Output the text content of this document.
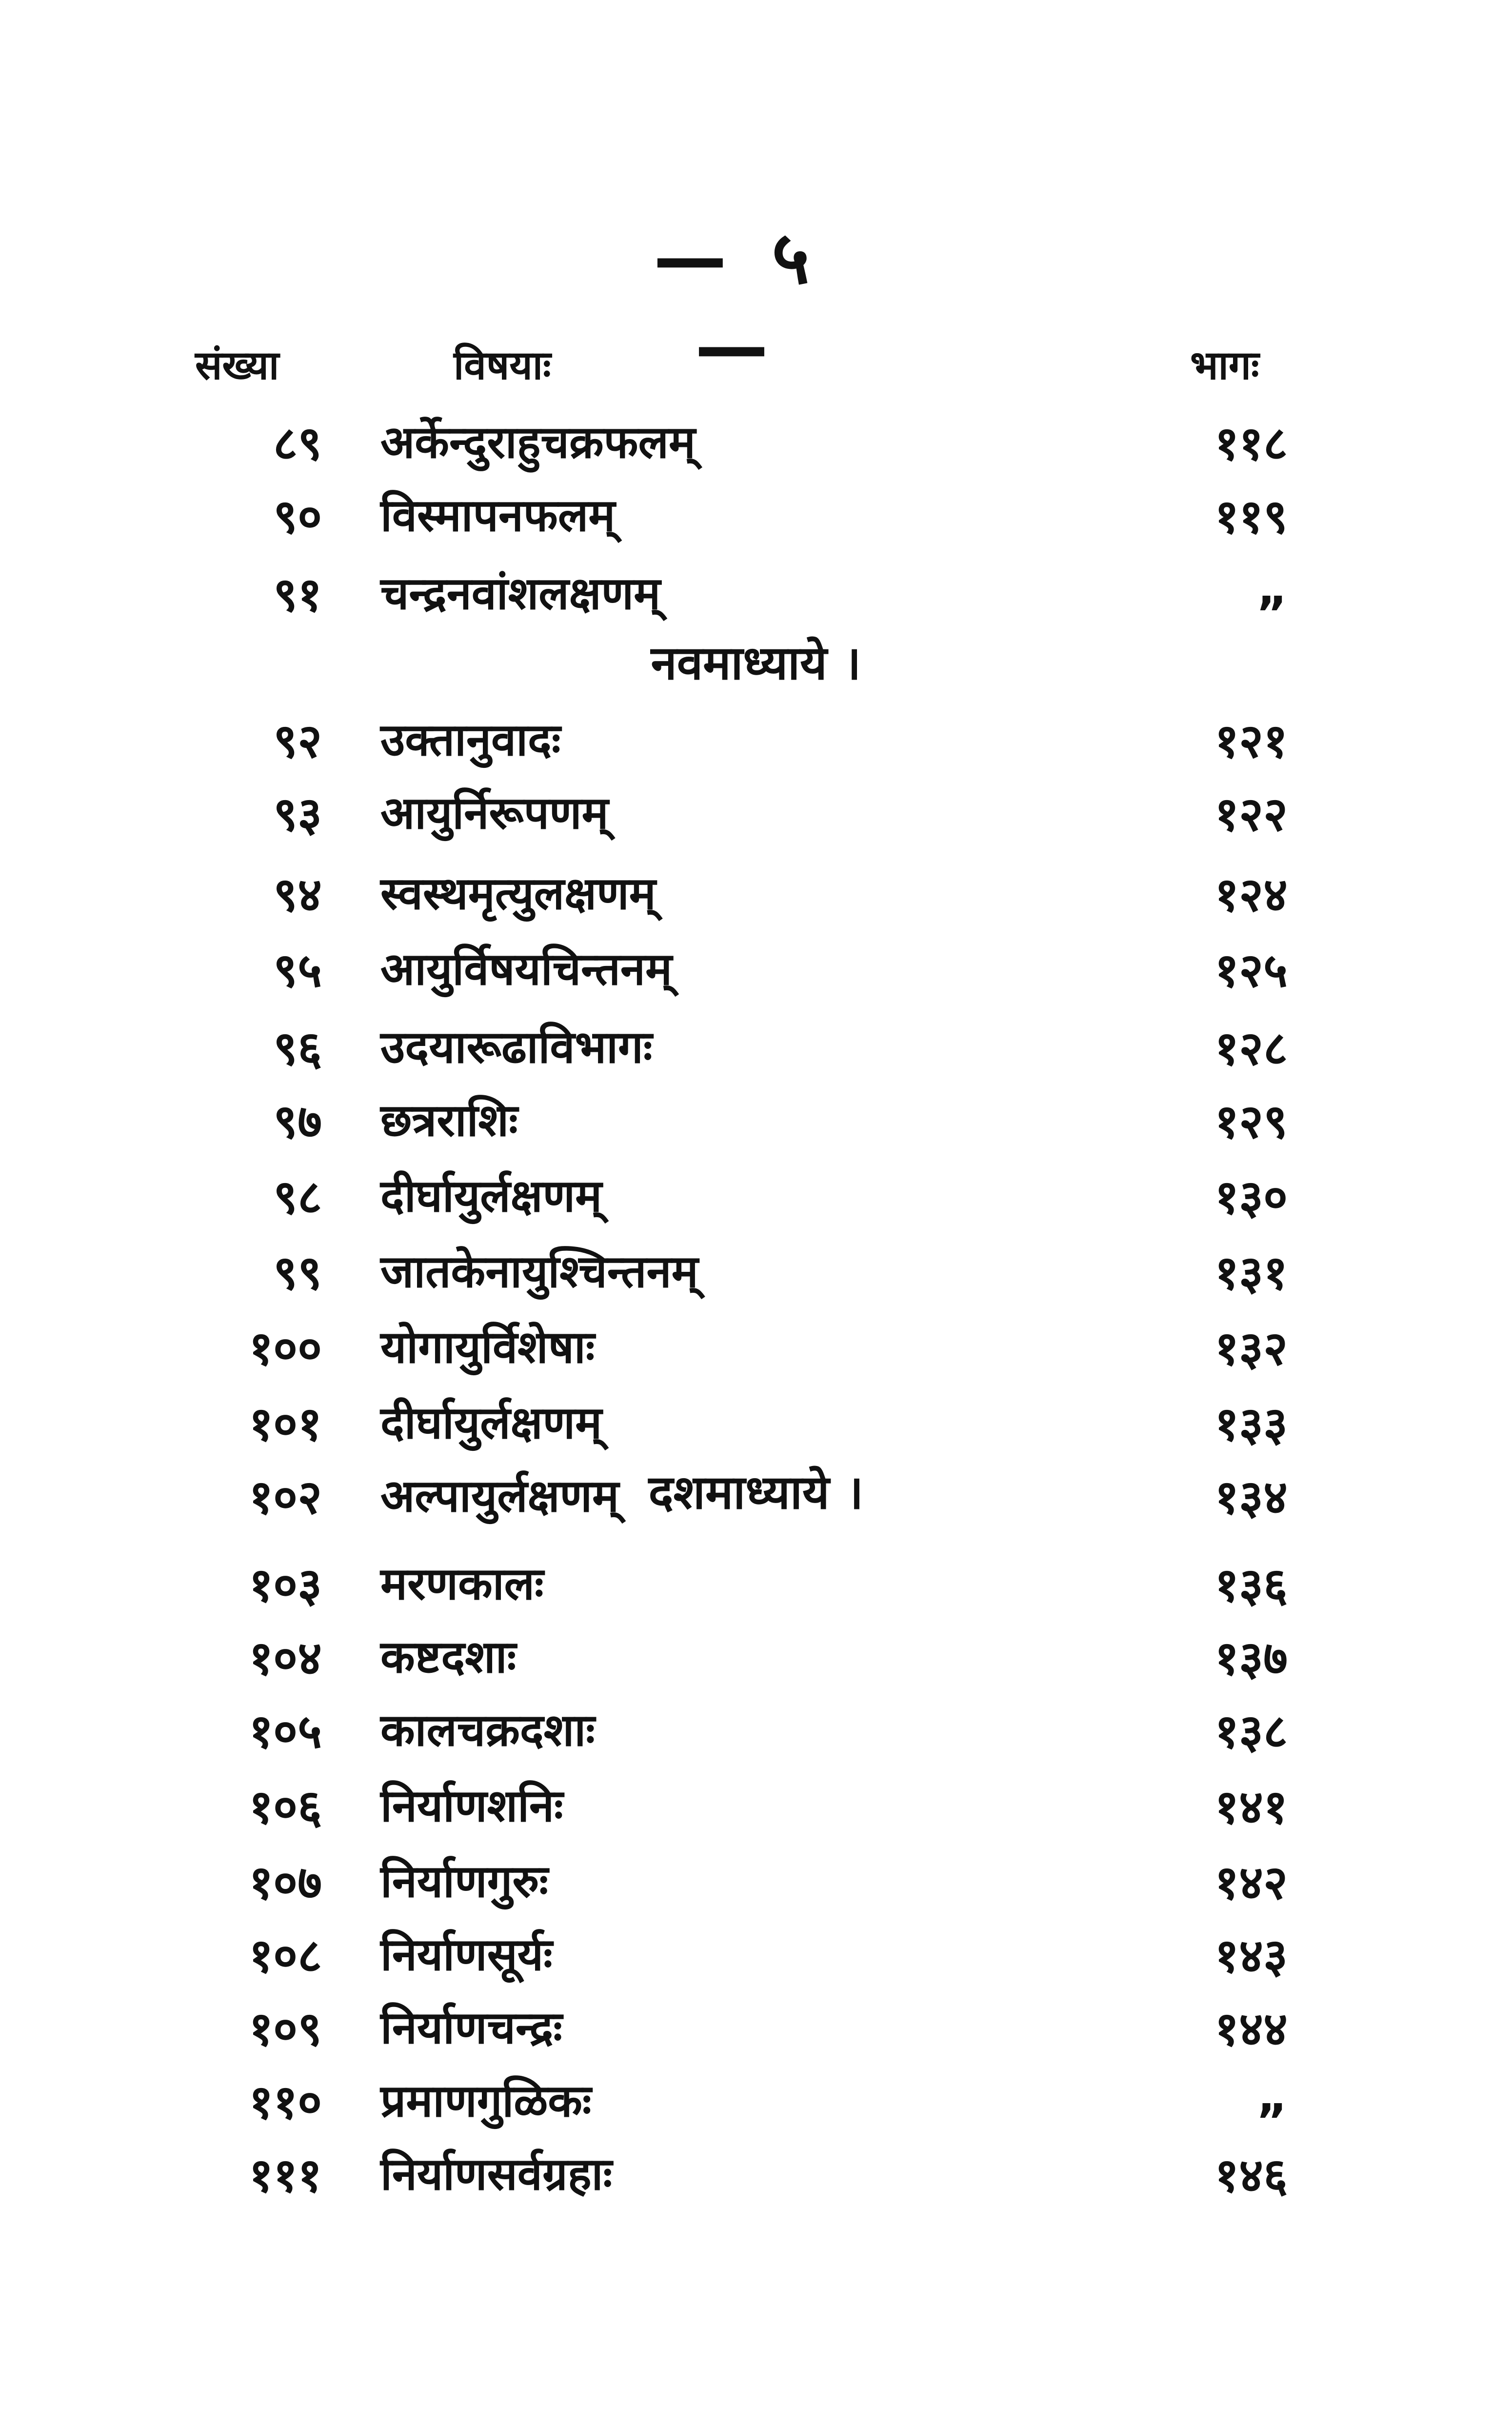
— ५ —
संख्या	विषयाः	भागः
८९ अर्केन्दुराहुचक्रफलम्	११८
९० विस्मापनफलम्	११९
९१ चन्द्रनवांशलक्षणम्	„
नवमाध्याये ।
९२ उक्तानुवादः	१२१
९३ आयुर्निरूपणम्	१२२
९४ स्वस्थमृत्युलक्षणम्	१२४
९५ आयुर्विषयचिन्तनम्	१२५
९६ उदयारूढाविभागः	१२८
९७ छत्रराशिः	१२९
९८ दीर्घायुर्लक्षणम्	१३०
९९ जातकेनायुश्चिन्तनम्	१३१
१०० योगायुर्विशेषाः	१३२
१०१ दीर्घायुर्लक्षणम्	१३३
१०२ अल्पायुर्लक्षणम्	१३४
दशमाध्याये ।
१०३ मरणकालः	१३६
१०४ कष्टदशाः	१३७
१०५ कालचक्रदशाः	१३८
१०६ निर्याणशनिः	१४१
१०७ निर्याणगुरुः	१४२
१०८ निर्याणसूर्यः	१४३
१०९ निर्याणचन्द्रः	१४४
११० प्रमाणगुळिकः	„
१११ निर्याणसर्वग्रहाः	१४६
